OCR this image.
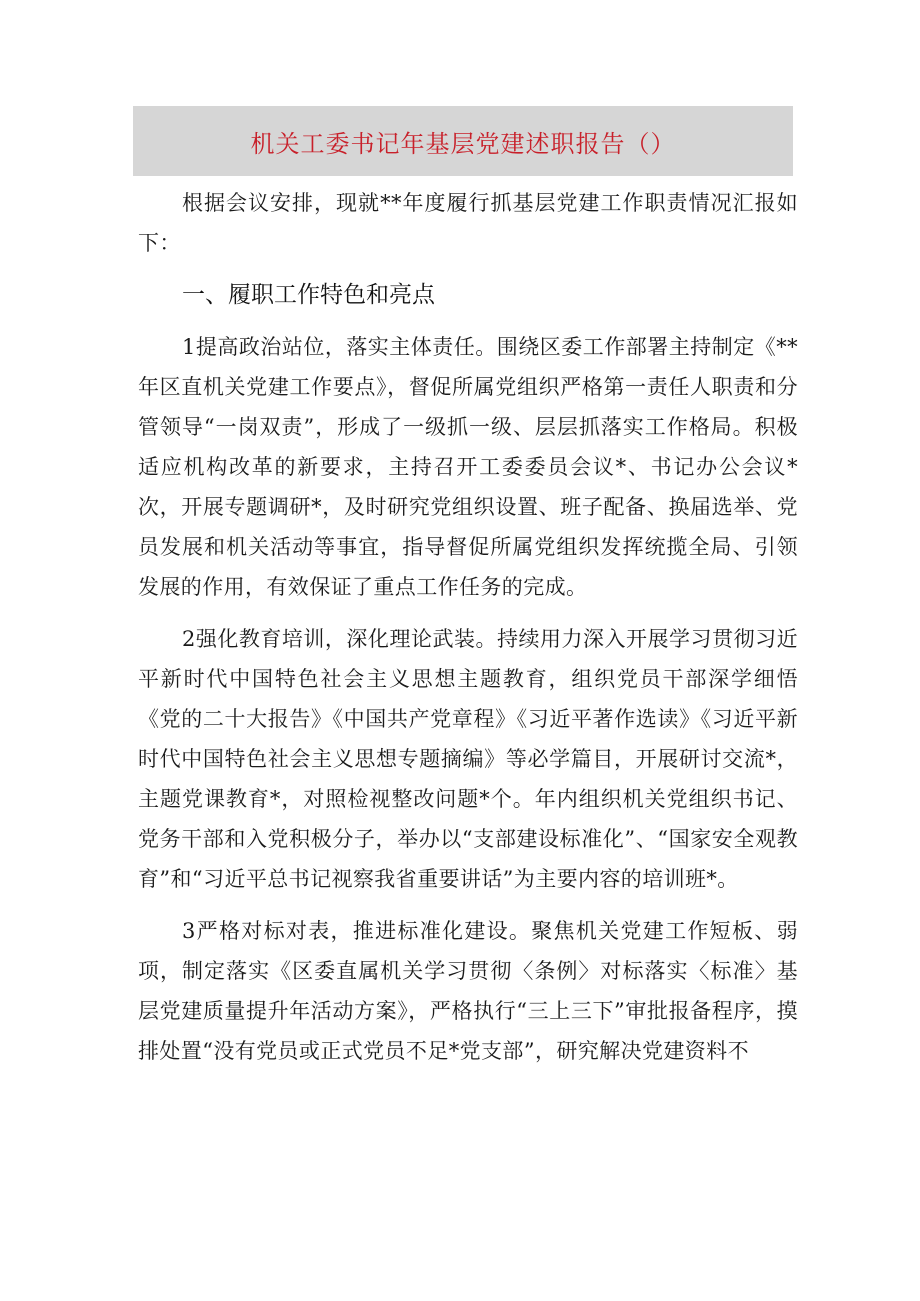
机关工委书记年基层党建述职报告（）

根据会议安排，现就**年度履行抓基层党建工作职责情况汇报如下：

一、履职工作特色和亮点

1提高政治站位，落实主体责任。围绕区委工作部署主持制定《**年区直机关党建工作要点》，督促所属党组织严格第一责任人职责和分管领导“一岗双责”，形成了一级抓一级、层层抓落实工作格局。积极适应机构改革的新要求，主持召开工委委员会议*、书记办公会议*次，开展专题调研*，及时研究党组织设置、班子配备、换届选举、党员发展和机关活动等事宜，指导督促所属党组织发挥统揽全局、引领发展的作用，有效保证了重点工作任务的完成。

2强化教育培训，深化理论武装。持续用力深入开展学习贯彻习近平新时代中国特色社会主义思想主题教育，组织党员干部深学细悟《党的二十大报告》《中国共产党章程》《习近平著作选读》《习近平新时代中国特色社会主义思想专题摘编》等必学篇目，开展研讨交流*，主题党课教育*，对照检视整改问题*个。年内组织机关党组织书记、党务干部和入党积极分子，举办以“支部建设标准化”、“国家安全观教育”和“习近平总书记视察我省重要讲话”为主要内容的培训班*。

3严格对标对表，推进标准化建设。聚焦机关党建工作短板、弱项，制定落实《区委直属机关学习贯彻〈条例〉对标落实〈标准〉基层党建质量提升年活动方案》，严格执行“三上三下”审批报备程序，摸排处置“没有党员或正式党员不足*党支部”，研究解决党建资料不
